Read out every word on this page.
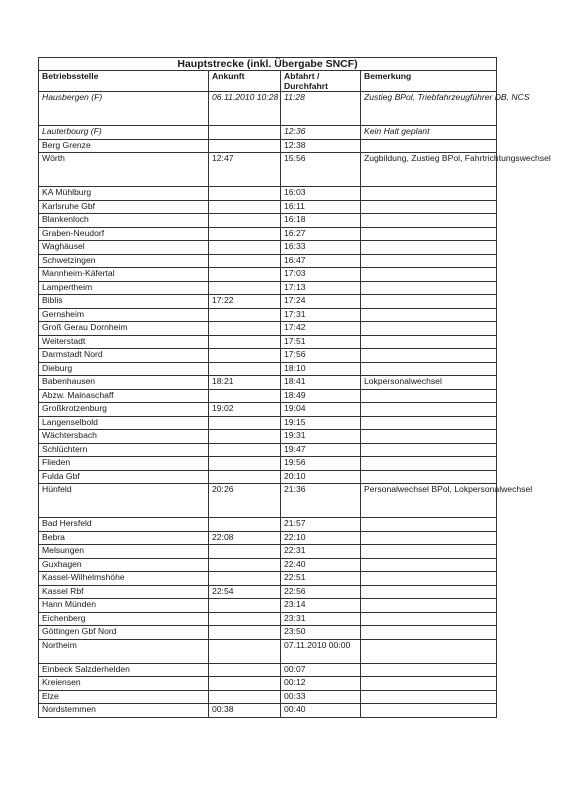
Hauptstrecke (inkl. Übergabe SNCF)			
Betriebsstelle	Ankunft	Abfahrt / Durchfahrt	Bemerkung
Hausbergen (F)	06.11.2010 10:28	11:28	Zustieg BPol, Triebfahrzeugführer DB, NCS
Lauterbourg (F)		12:36	Kein Halt geplant
Berg Grenze		12:38	
Wörth	12:47	15:56	Zugbildung, Zustieg BPol, Fahrtrichtungswechsel
KA Mühlburg		16:03	
Karlsruhe Gbf		16:11	
Blankenloch		16:18	
Graben-Neudorf		16:27	
Waghäusel		16:33	
Schwetzingen		16:47	
Mannheim-Käfertal		17:03	
Lampertheim		17:13	
Biblis	17:22	17:24	
Gernsheim		17:31	
Groß Gerau Dornheim		17:42	
Weiterstadt		17:51	
Darmstadt Nord		17:56	
Dieburg		18:10	
Babenhausen	18:21	18:41	Lokpersonalwechsel
Abzw. Mainaschaff		18:49	
Großkrotzenburg	19:02	19:04	
Langenselbold		19:15	
Wächtersbach		19:31	
Schlüchtern		19:47	
Flieden		19:56	
Fulda Gbf		20:10	
Hünfeld	20:26	21:36	Personalwechsel BPol, Lokpersonalwechsel
Bad Hersfeld		21:57	
Bebra	22:08	22:10	
Melsungen		22:31	
Guxhagen		22:40	
Kassel-Wilhelmshöhe		22:51	
Kassel Rbf	22:54	22:56	
Hann Münden		23:14	
Eichenberg		23:31	
Göttingen Gbf Nord		23:50	
Northeim		07.11.2010 00:00	
Einbeck Salzderhelden		00:07	
Kreiensen		00:12	
Elze		00:33	
Nordstemmen	00:38	00:40	
